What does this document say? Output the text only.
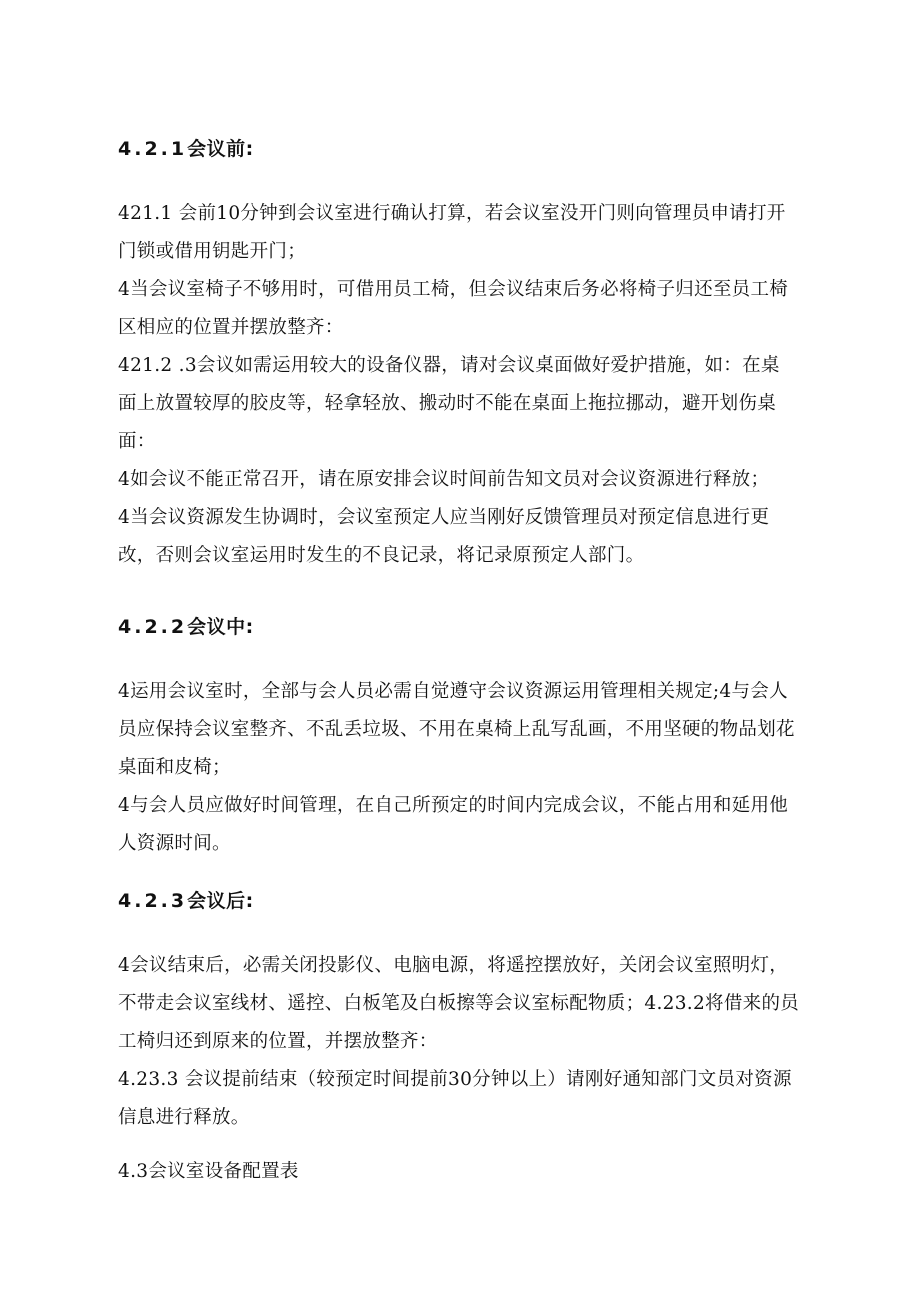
4.2.1会议前:
421.1 会前10分钟到会议室进行确认打算，若会议室没开门则向管理员申请打开
门锁或借用钥匙开门；
4当会议室椅子不够用时，可借用员工椅，但会议结束后务必将椅子归还至员工椅
区相应的位置并摆放整齐：
421.2 .3会议如需运用较大的设备仪器，请对会议桌面做好爱护措施，如：在桌
面上放置较厚的胶皮等，轻拿轻放、搬动时不能在桌面上拖拉挪动，避开划伤桌
面：
4如会议不能正常召开，请在原安排会议时间前告知文员对会议资源进行释放；
4当会议资源发生协调时，会议室预定人应当刚好反馈管理员对预定信息进行更
改，否则会议室运用时发生的不良记录，将记录原预定人部门。
4.2.2会议中:
4运用会议室时，全部与会人员必需自觉遵守会议资源运用管理相关规定;4与会人
员应保持会议室整齐、不乱丢垃圾、不用在桌椅上乱写乱画，不用坚硬的物品划花
桌面和皮椅；
4与会人员应做好时间管理，在自己所预定的时间内完成会议，不能占用和延用他
人资源时间。
4.2.3会议后:
4会议结束后，必需关闭投影仪、电脑电源，将遥控摆放好，关闭会议室照明灯，
不带走会议室线材、遥控、白板笔及白板擦等会议室标配物质；4.23.2将借来的员
工椅归还到原来的位置，并摆放整齐：
4.23.3 会议提前结束（较预定时间提前30分钟以上）请刚好通知部门文员对资源
信息进行释放。
4.3会议室设备配置表
